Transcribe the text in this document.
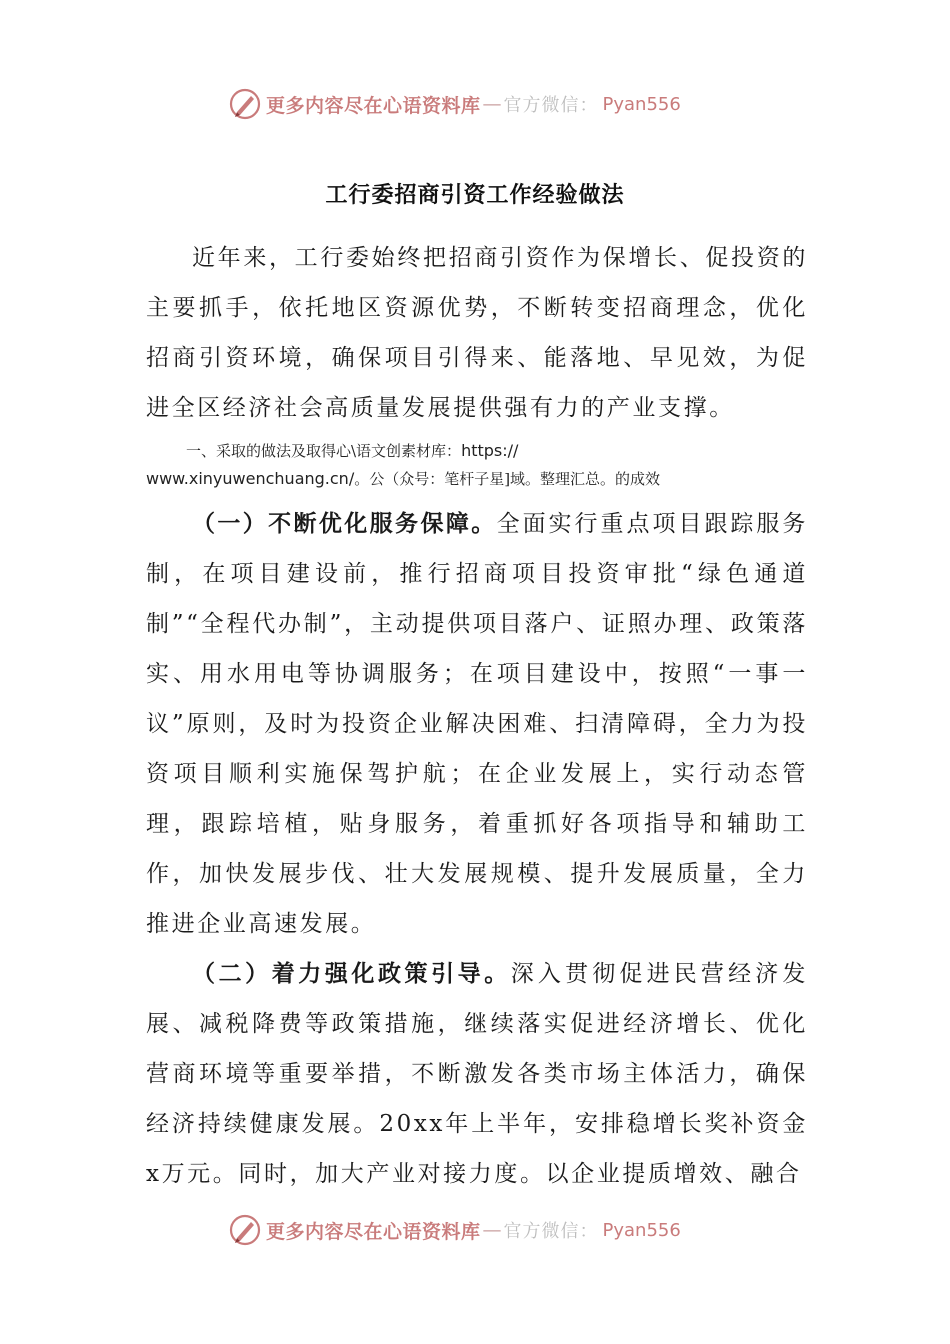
更多内容尽在心语资料库 — 官方微信： Pyan556
工行委招商引资工作经验做法

近年来，工行委始终把招商引资作为保增长、促投资的主要抓手，依托地区资源优势，不断转变招商理念，优化招商引资环境，确保项目引得来、能落地、早见效，为促进全区经济社会高质量发展提供强有力的产业支撑。

一、采取的做法及取得心\语文创素材库：https://
www.xinyuwenchuang.cn/。公（众号：笔杆子星]域。整理汇总。的成效

（一）不断优化服务保障。全面实行重点项目跟踪服务制，在项目建设前，推行招商项目投资审批“绿色通道制”“全程代办制”，主动提供项目落户、证照办理、政策落实、用水用电等协调服务；在项目建设中，按照“一事一议”原则，及时为投资企业解决困难、扫清障碍，全力为投资项目顺利实施保驾护航；在企业发展上，实行动态管理，跟踪培植，贴身服务，着重抓好各项指导和辅助工作，加快发展步伐、壮大发展规模、提升发展质量，全力推进企业高速发展。

（二）着力强化政策引导。深入贯彻促进民营经济发展、减税降费等政策措施，继续落实促进经济增长、优化营商环境等重要举措，不断激发各类市场主体活力，确保经济持续健康发展。20xx年上半年，安排稳增长奖补资金x万元。同时，加大产业对接力度。以企业提质增效、融合

更多内容尽在心语资料库 — 官方微信： Pyan556
